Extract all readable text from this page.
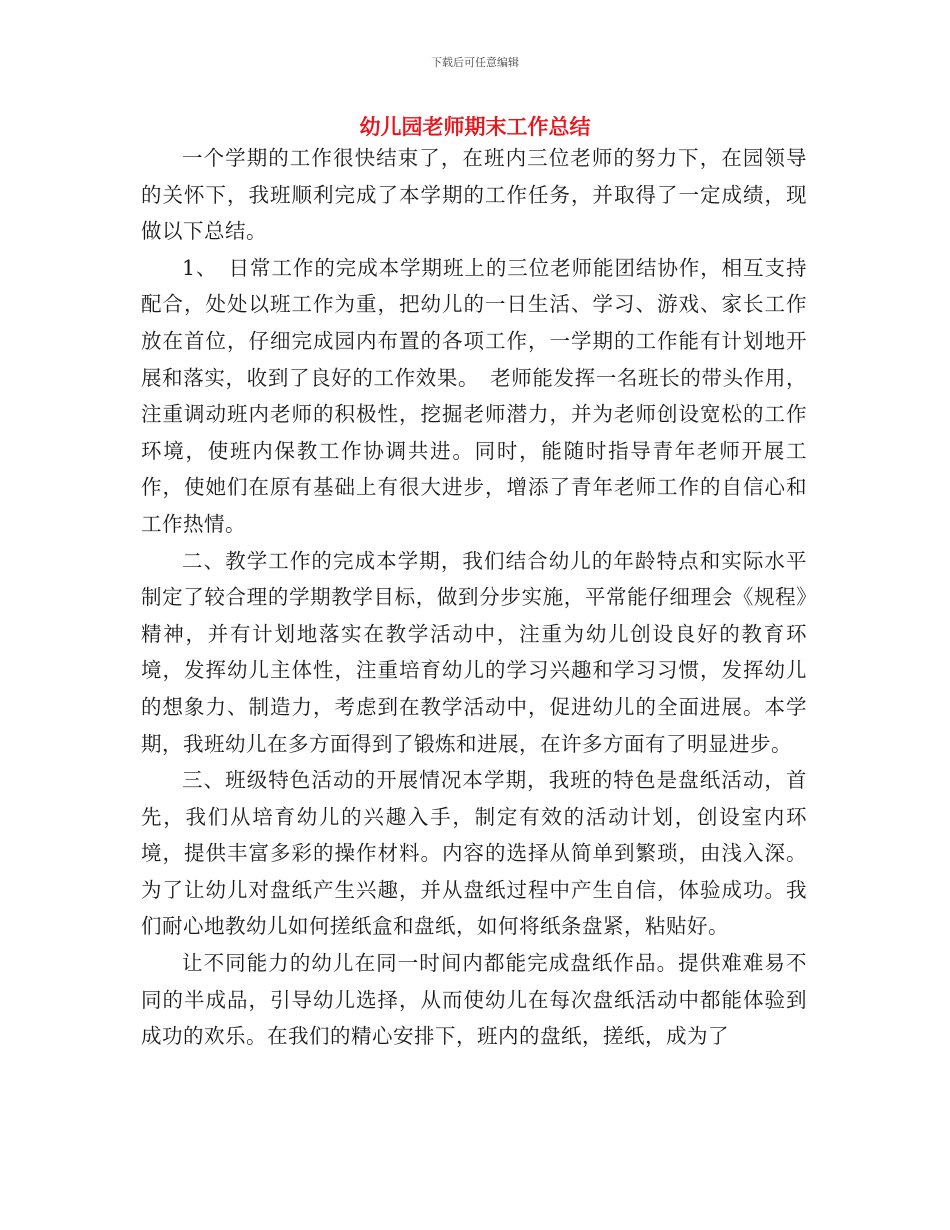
下载后可任意编辑
幼儿园老师期末工作总结

一个学期的工作很快结束了，在班内三位老师的努力下，在园领导的关怀下，我班顺利完成了本学期的工作任务，并取得了一定成绩，现做以下总结。

1、　日常工作的完成本学期班上的三位老师能团结协作，相互支持配合，处处以班工作为重，把幼儿的一日生活、学习、游戏、家长工作放在首位，仔细完成园内布置的各项工作，一学期的工作能有计划地开展和落实，收到了良好的工作效果。　老师能发挥一名班长的带头作用，注重调动班内老师的积极性，挖掘老师潜力，并为老师创设宽松的工作环境，使班内保教工作协调共进。同时，能随时指导青年老师开展工作，使她们在原有基础上有很大进步，增添了青年老师工作的自信心和工作热情。

二、教学工作的完成本学期，我们结合幼儿的年龄特点和实际水平制定了较合理的学期教学目标，做到分步实施，平常能仔细理会《规程》精神，并有计划地落实在教学活动中，注重为幼儿创设良好的教育环境，发挥幼儿主体性，注重培育幼儿的学习兴趣和学习习惯，发挥幼儿的想象力、制造力，考虑到在教学活动中，促进幼儿的全面进展。本学期，我班幼儿在多方面得到了锻炼和进展，在许多方面有了明显进步。

三、班级特色活动的开展情况本学期，我班的特色是盘纸活动，首先，我们从培育幼儿的兴趣入手，制定有效的活动计划，创设室内环境，提供丰富多彩的操作材料。内容的选择从简单到繁琐，由浅入深。为了让幼儿对盘纸产生兴趣，并从盘纸过程中产生自信，体验成功。我们耐心地教幼儿如何搓纸盒和盘纸，如何将纸条盘紧，粘贴好。

让不同能力的幼儿在同一时间内都能完成盘纸作品。提供难难易不同的半成品，引导幼儿选择，从而使幼儿在每次盘纸活动中都能体验到成功的欢乐。在我们的精心安排下，班内的盘纸，搓纸，成为了
